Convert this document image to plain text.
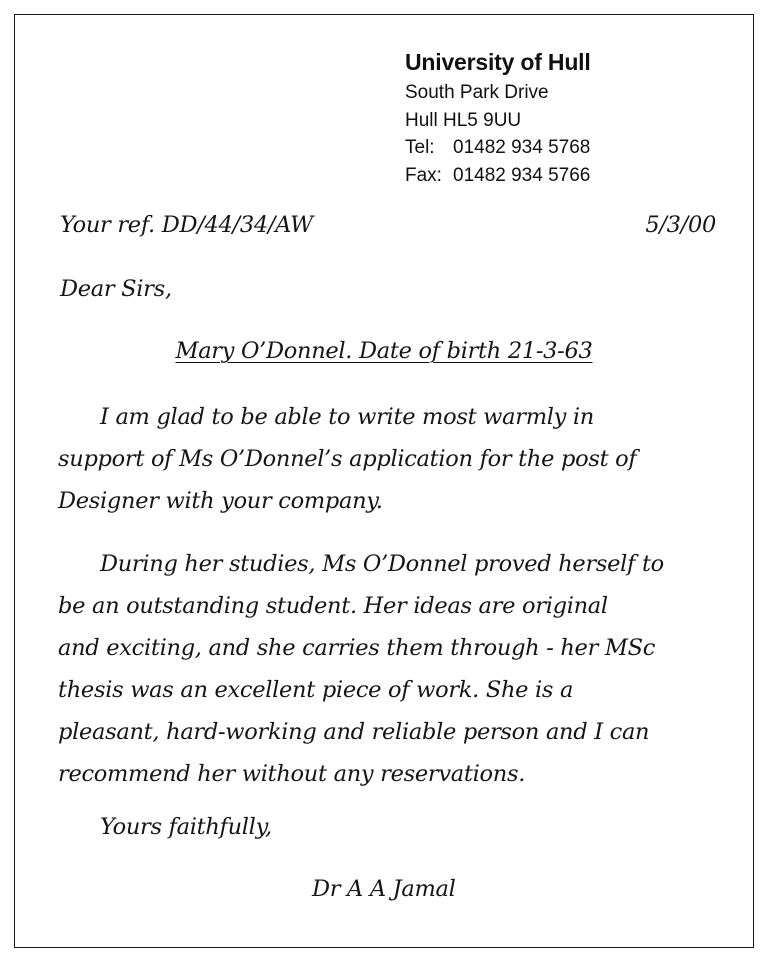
University of Hull
South Park Drive
Hull HL5 9UU
Tel: 01482 934 5768
Fax: 01482 934 5766
Your ref. DD/44/34/AW	5/3/00
Dear Sirs,
Mary O’Donnel. Date of birth 21-3-63
I am glad to be able to write most warmly in
support of Ms O’Donnel’s application for the post of
Designer with your company.
During her studies, Ms O’Donnel proved herself to
be an outstanding student. Her ideas are original
and exciting, and she carries them through - her MSc
thesis was an excellent piece of work. She is a
pleasant, hard-working and reliable person and I can
recommend her without any reservations.
Yours faithfully,
Dr A A Jamal
